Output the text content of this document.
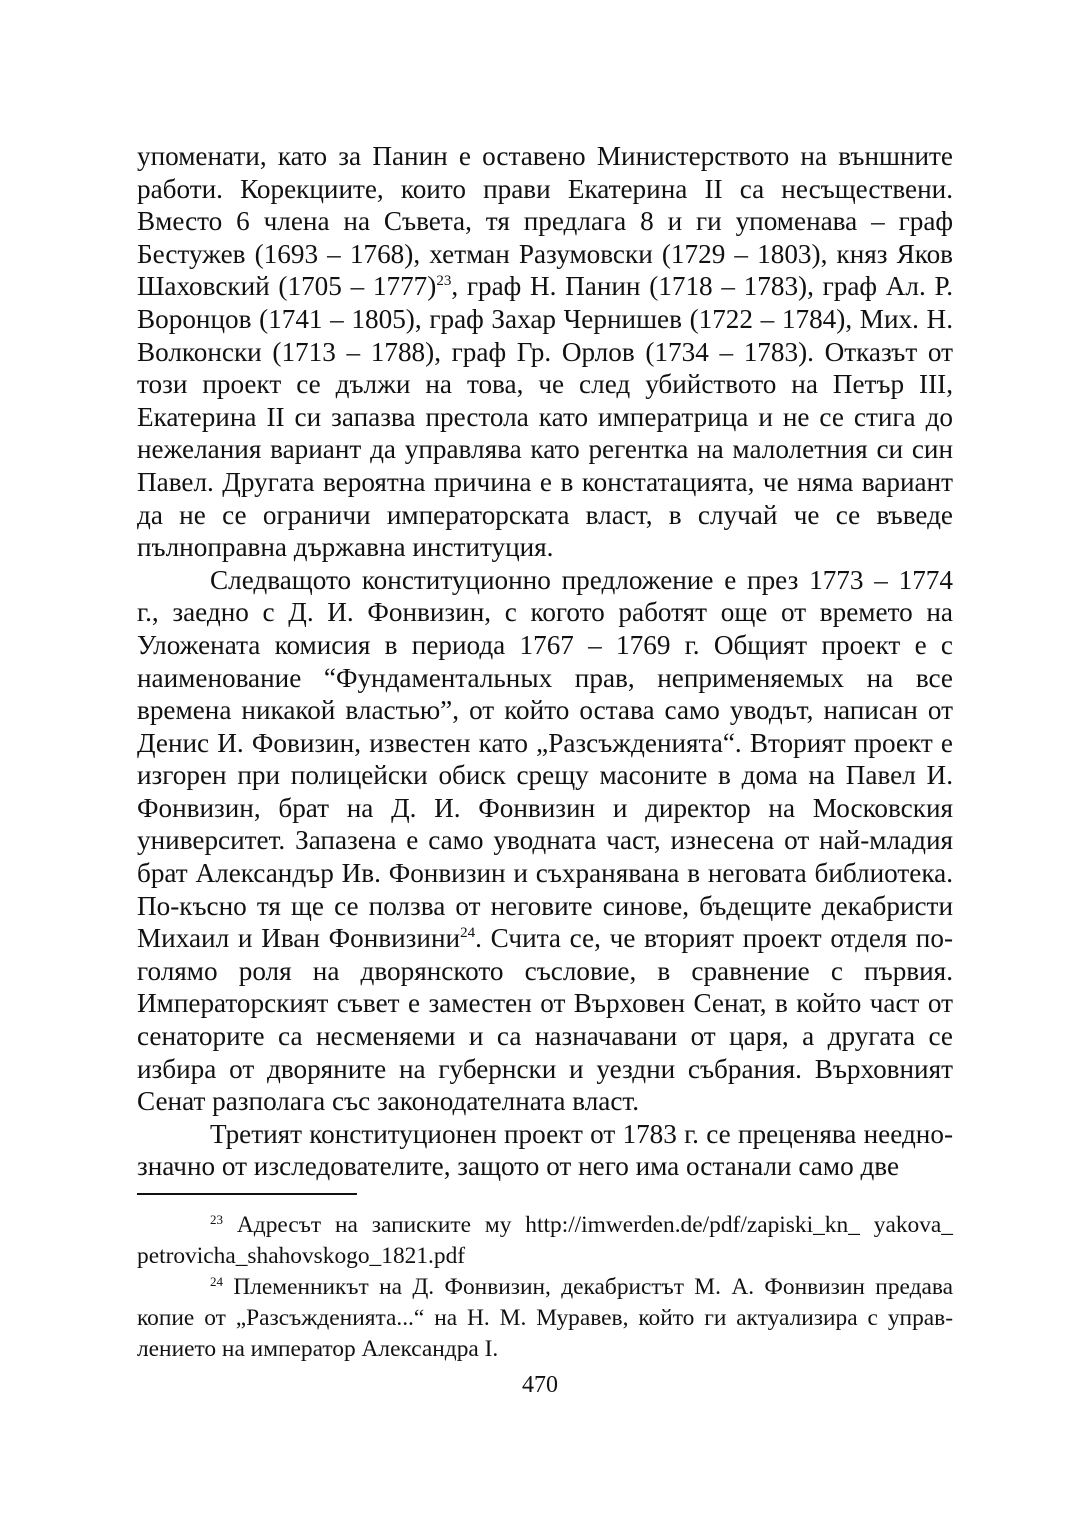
упоменати, като за Панин е оставено Министерството на външните работи. Корекциите, които прави Екатерина II са несъществени. Вместо 6 члена на Съвета, тя предлага 8 и ги упоменава – граф Бестужев (1693 – 1768), хетман Разумовски (1729 – 1803), княз Яков Шаховский (1705 – 1777)$^{23}$, граф Н. Панин (1718 – 1783), граф Ал. Р. Воронцов (1741 – 1805), граф Захар Чернишев (1722 – 1784), Мих. Н. Волконски (1713 – 1788), граф Гр. Орлов (1734 – 1783). Отказът от този проект се дължи на това, че след убийството на Петър III, Екатерина II си запазва престола като императрица и не се стига до нежелания вариант да управлява като регентка на малолетния си син Павел. Другата вероятна причина е в констатацията, че няма вариант да не се ограничи императорската власт, в случай че се въведе пълноправна държавна институция.

Следващото конституционно предложение е през 1773 – 1774 г., заедно с Д. И. Фонвизин, с когото работят още от времето на Уложената комисия в периода 1767 – 1769 г. Общият проект е с наименование “Фундаментальных прав, неприменяемых на все времена никакой властью”, от който остава само уводът, написан от Денис И. Фовизин, известен като „Разсъжденията“. Вторият проект е изгорен при полицейски обиск срещу масоните в дома на Павел И. Фонвизин, брат на Д. И. Фонвизин и директор на Московския университет. Запазена е само уводната част, изнесена от най-младия брат Александър Ив. Фонвизин и съхранявана в неговата библиотека. По-късно тя ще се ползва от неговите синове, бъдещите декабристи Михаил и Иван Фонвизини$^{24}$. Счита се, че вторият проект отделя по-голямо роля на дворянското съсловие, в сравнение с първия. Императорският съвет е заместен от Върховен Сенат, в който част от сенаторите са несменяеми и са назначавани от царя, а другата се избира от дворяните на губернски и уездни събрания. Върховният Сенат разполага със законодателната власт.

Третият конституционен проект от 1783 г. се преценява нееднозначно от изследователите, защото от него има останали само две

$^{23}$ Адресът на записките му http://imwerden.de/pdf/zapiski_kn_ yakova_ petrovicha_shahovskogo_1821.pdf

$^{24}$ Племенникът на Д. Фонвизин, декабристът М. А. Фонвизин предава копие от „Разсъжденията...“ на Н. М. Муравев, който ги актуализира с управлението на император Александра I.

470
